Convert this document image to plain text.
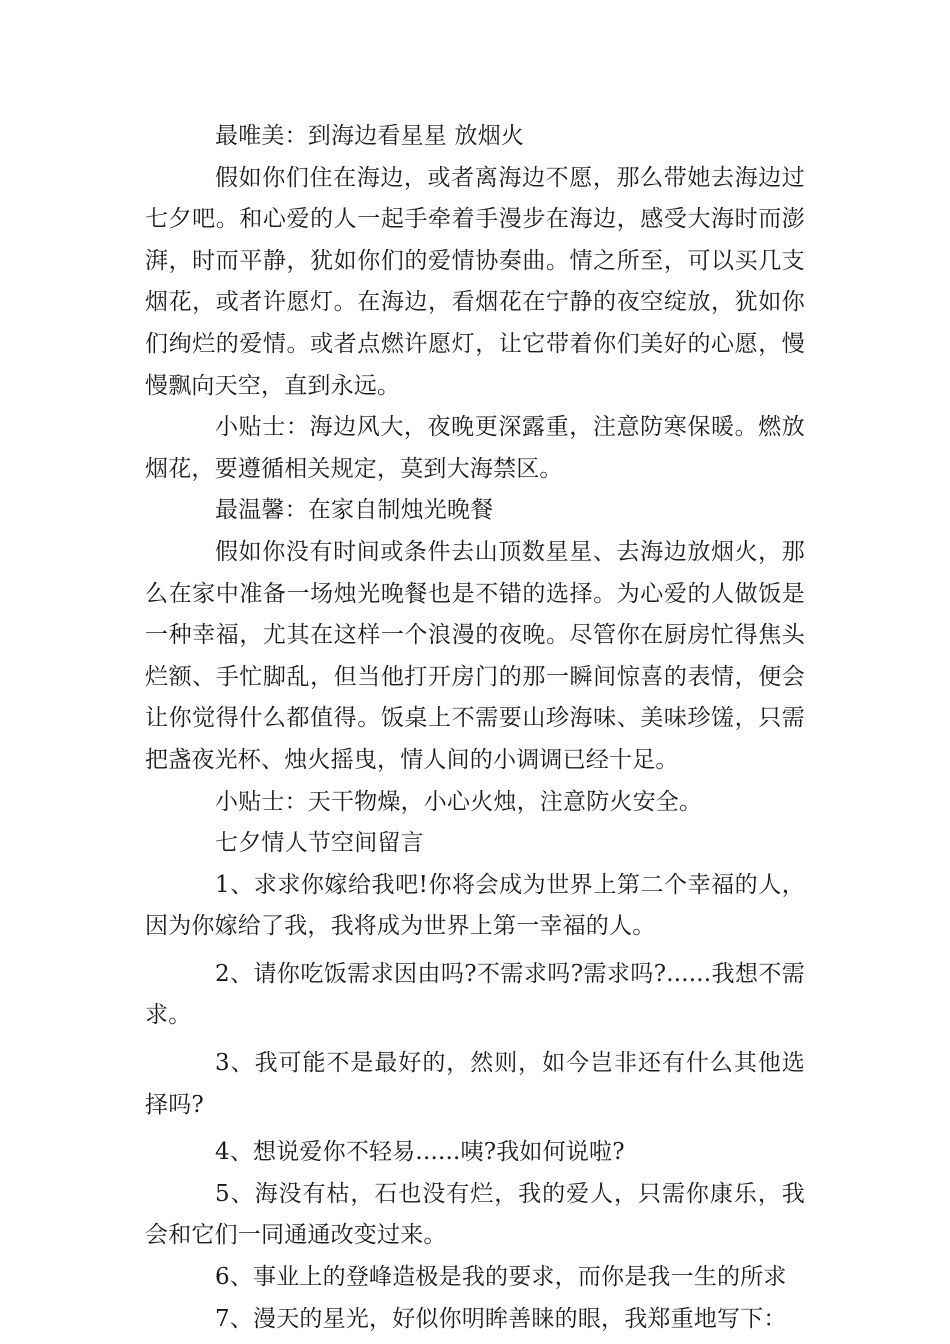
最唯美：到海边看星星 放烟火

假如你们住在海边，或者离海边不愿，那么带她去海边过七夕吧。和心爱的人一起手牵着手漫步在海边，感受大海时而澎湃，时而平静，犹如你们的爱情协奏曲。情之所至，可以买几支烟花，或者许愿灯。在海边，看烟花在宁静的夜空绽放，犹如你们绚烂的爱情。或者点燃许愿灯，让它带着你们美好的心愿，慢慢飘向天空，直到永远。

小贴士：海边风大，夜晚更深露重，注意防寒保暖。燃放烟花，要遵循相关规定，莫到大海禁区。

最温馨：在家自制烛光晚餐

假如你没有时间或条件去山顶数星星、去海边放烟火，那么在家中准备一场烛光晚餐也是不错的选择。为心爱的人做饭是一种幸福，尤其在这样一个浪漫的夜晚。尽管你在厨房忙得焦头烂额、手忙脚乱，但当他打开房门的那一瞬间惊喜的表情，便会让你觉得什么都值得。饭桌上不需要山珍海味、美味珍馐，只需把盏夜光杯、烛火摇曳，情人间的小调调已经十足。

小贴士：天干物燥，小心火烛，注意防火安全。

七夕情人节空间留言

1、求求你嫁给我吧!你将会成为世界上第二个幸福的人，因为你嫁给了我，我将成为世界上第一幸福的人。

2、请你吃饭需求因由吗?不需求吗?需求吗?......我想不需求。

3、我可能不是最好的，然则，如今岂非还有什么其他选择吗?

4、想说爱你不轻易......咦?我如何说啦?

5、海没有枯，石也没有烂，我的爱人，只需你康乐，我会和它们一同通通改变过来。

6、事业上的登峰造极是我的要求，而你是我一生的所求

7、漫天的星光，好似你明眸善睐的眼，我郑重地写下：
